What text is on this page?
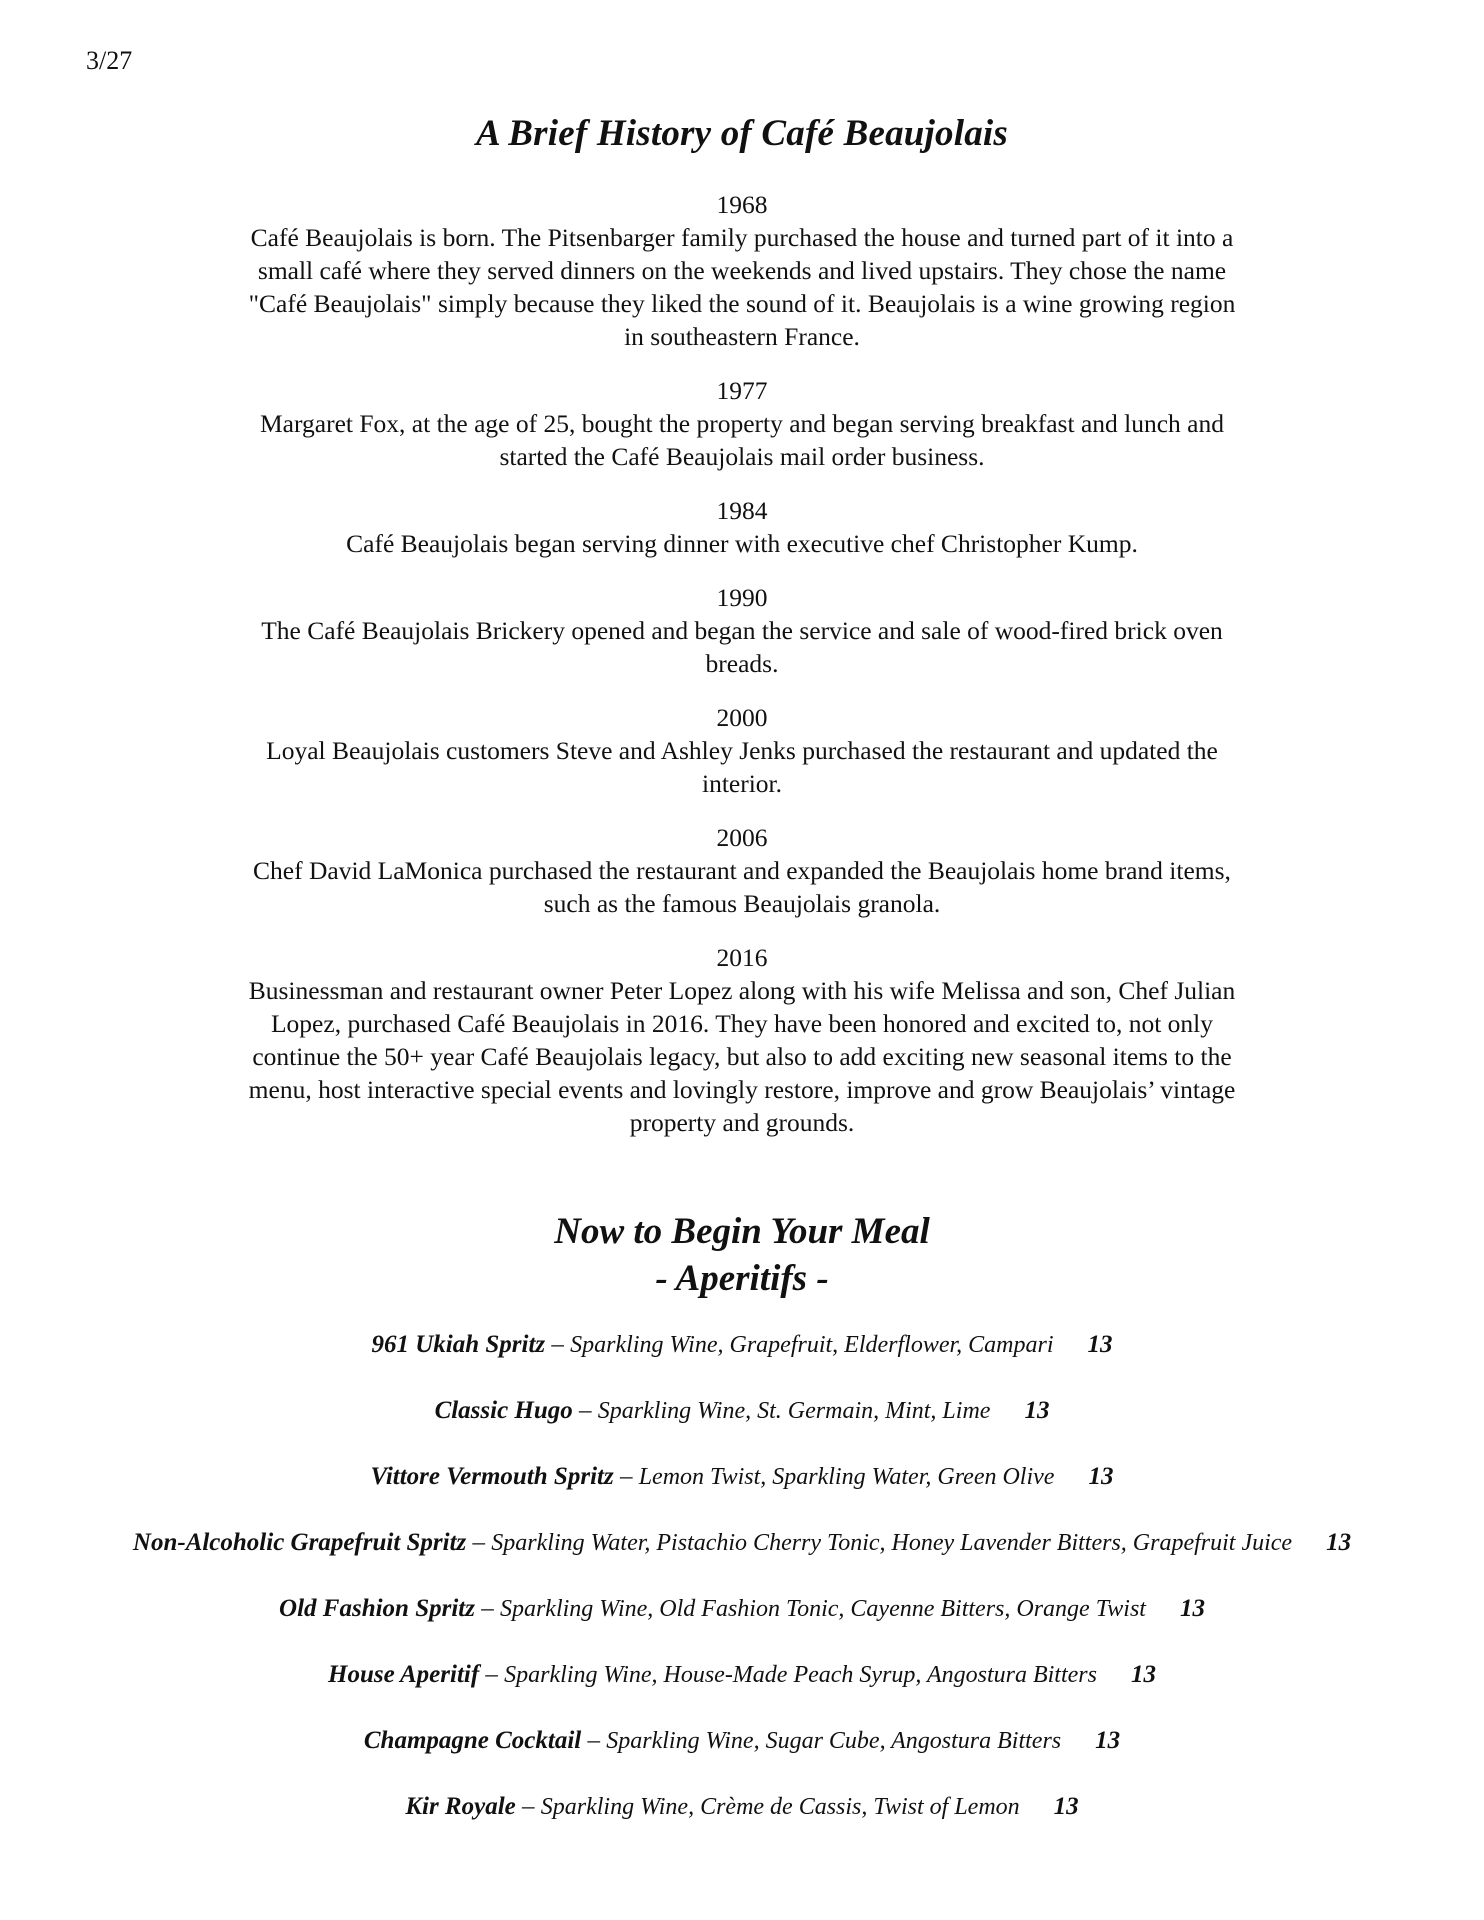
3/27
A Brief History of Café Beaujolais
1968
Café Beaujolais is born. The Pitsenbarger family purchased the house and turned part of it into a small café where they served dinners on the weekends and lived upstairs. They chose the name "Café Beaujolais" simply because they liked the sound of it. Beaujolais is a wine growing region in southeastern France.
1977
Margaret Fox, at the age of 25, bought the property and began serving breakfast and lunch and started the Café Beaujolais mail order business.
1984
Café Beaujolais began serving dinner with executive chef Christopher Kump.
1990
The Café Beaujolais Brickery opened and began the service and sale of wood-fired brick oven breads.
2000
Loyal Beaujolais customers Steve and Ashley Jenks purchased the restaurant and updated the interior.
2006
Chef David LaMonica purchased the restaurant and expanded the Beaujolais home brand items, such as the famous Beaujolais granola.
2016
Businessman and restaurant owner Peter Lopez along with his wife Melissa and son, Chef Julian Lopez, purchased Café Beaujolais in 2016. They have been honored and excited to, not only continue the 50+ year Café Beaujolais legacy, but also to add exciting new seasonal items to the menu, host interactive special events and lovingly restore, improve and grow Beaujolais’ vintage property and grounds.
Now to Begin Your Meal
- Aperitifs -
961 Ukiah Spritz – Sparkling Wine, Grapefruit, Elderflower, Campari 13
Classic Hugo – Sparkling Wine, St. Germain, Mint, Lime 13
Vittore Vermouth Spritz – Lemon Twist, Sparkling Water, Green Olive 13
Non-Alcoholic Grapefruit Spritz – Sparkling Water, Pistachio Cherry Tonic, Honey Lavender Bitters, Grapefruit Juice 13
Old Fashion Spritz – Sparkling Wine, Old Fashion Tonic, Cayenne Bitters, Orange Twist 13
House Aperitif – Sparkling Wine, House-Made Peach Syrup, Angostura Bitters 13
Champagne Cocktail – Sparkling Wine, Sugar Cube, Angostura Bitters 13
Kir Royale – Sparkling Wine, Crème de Cassis, Twist of Lemon 13
